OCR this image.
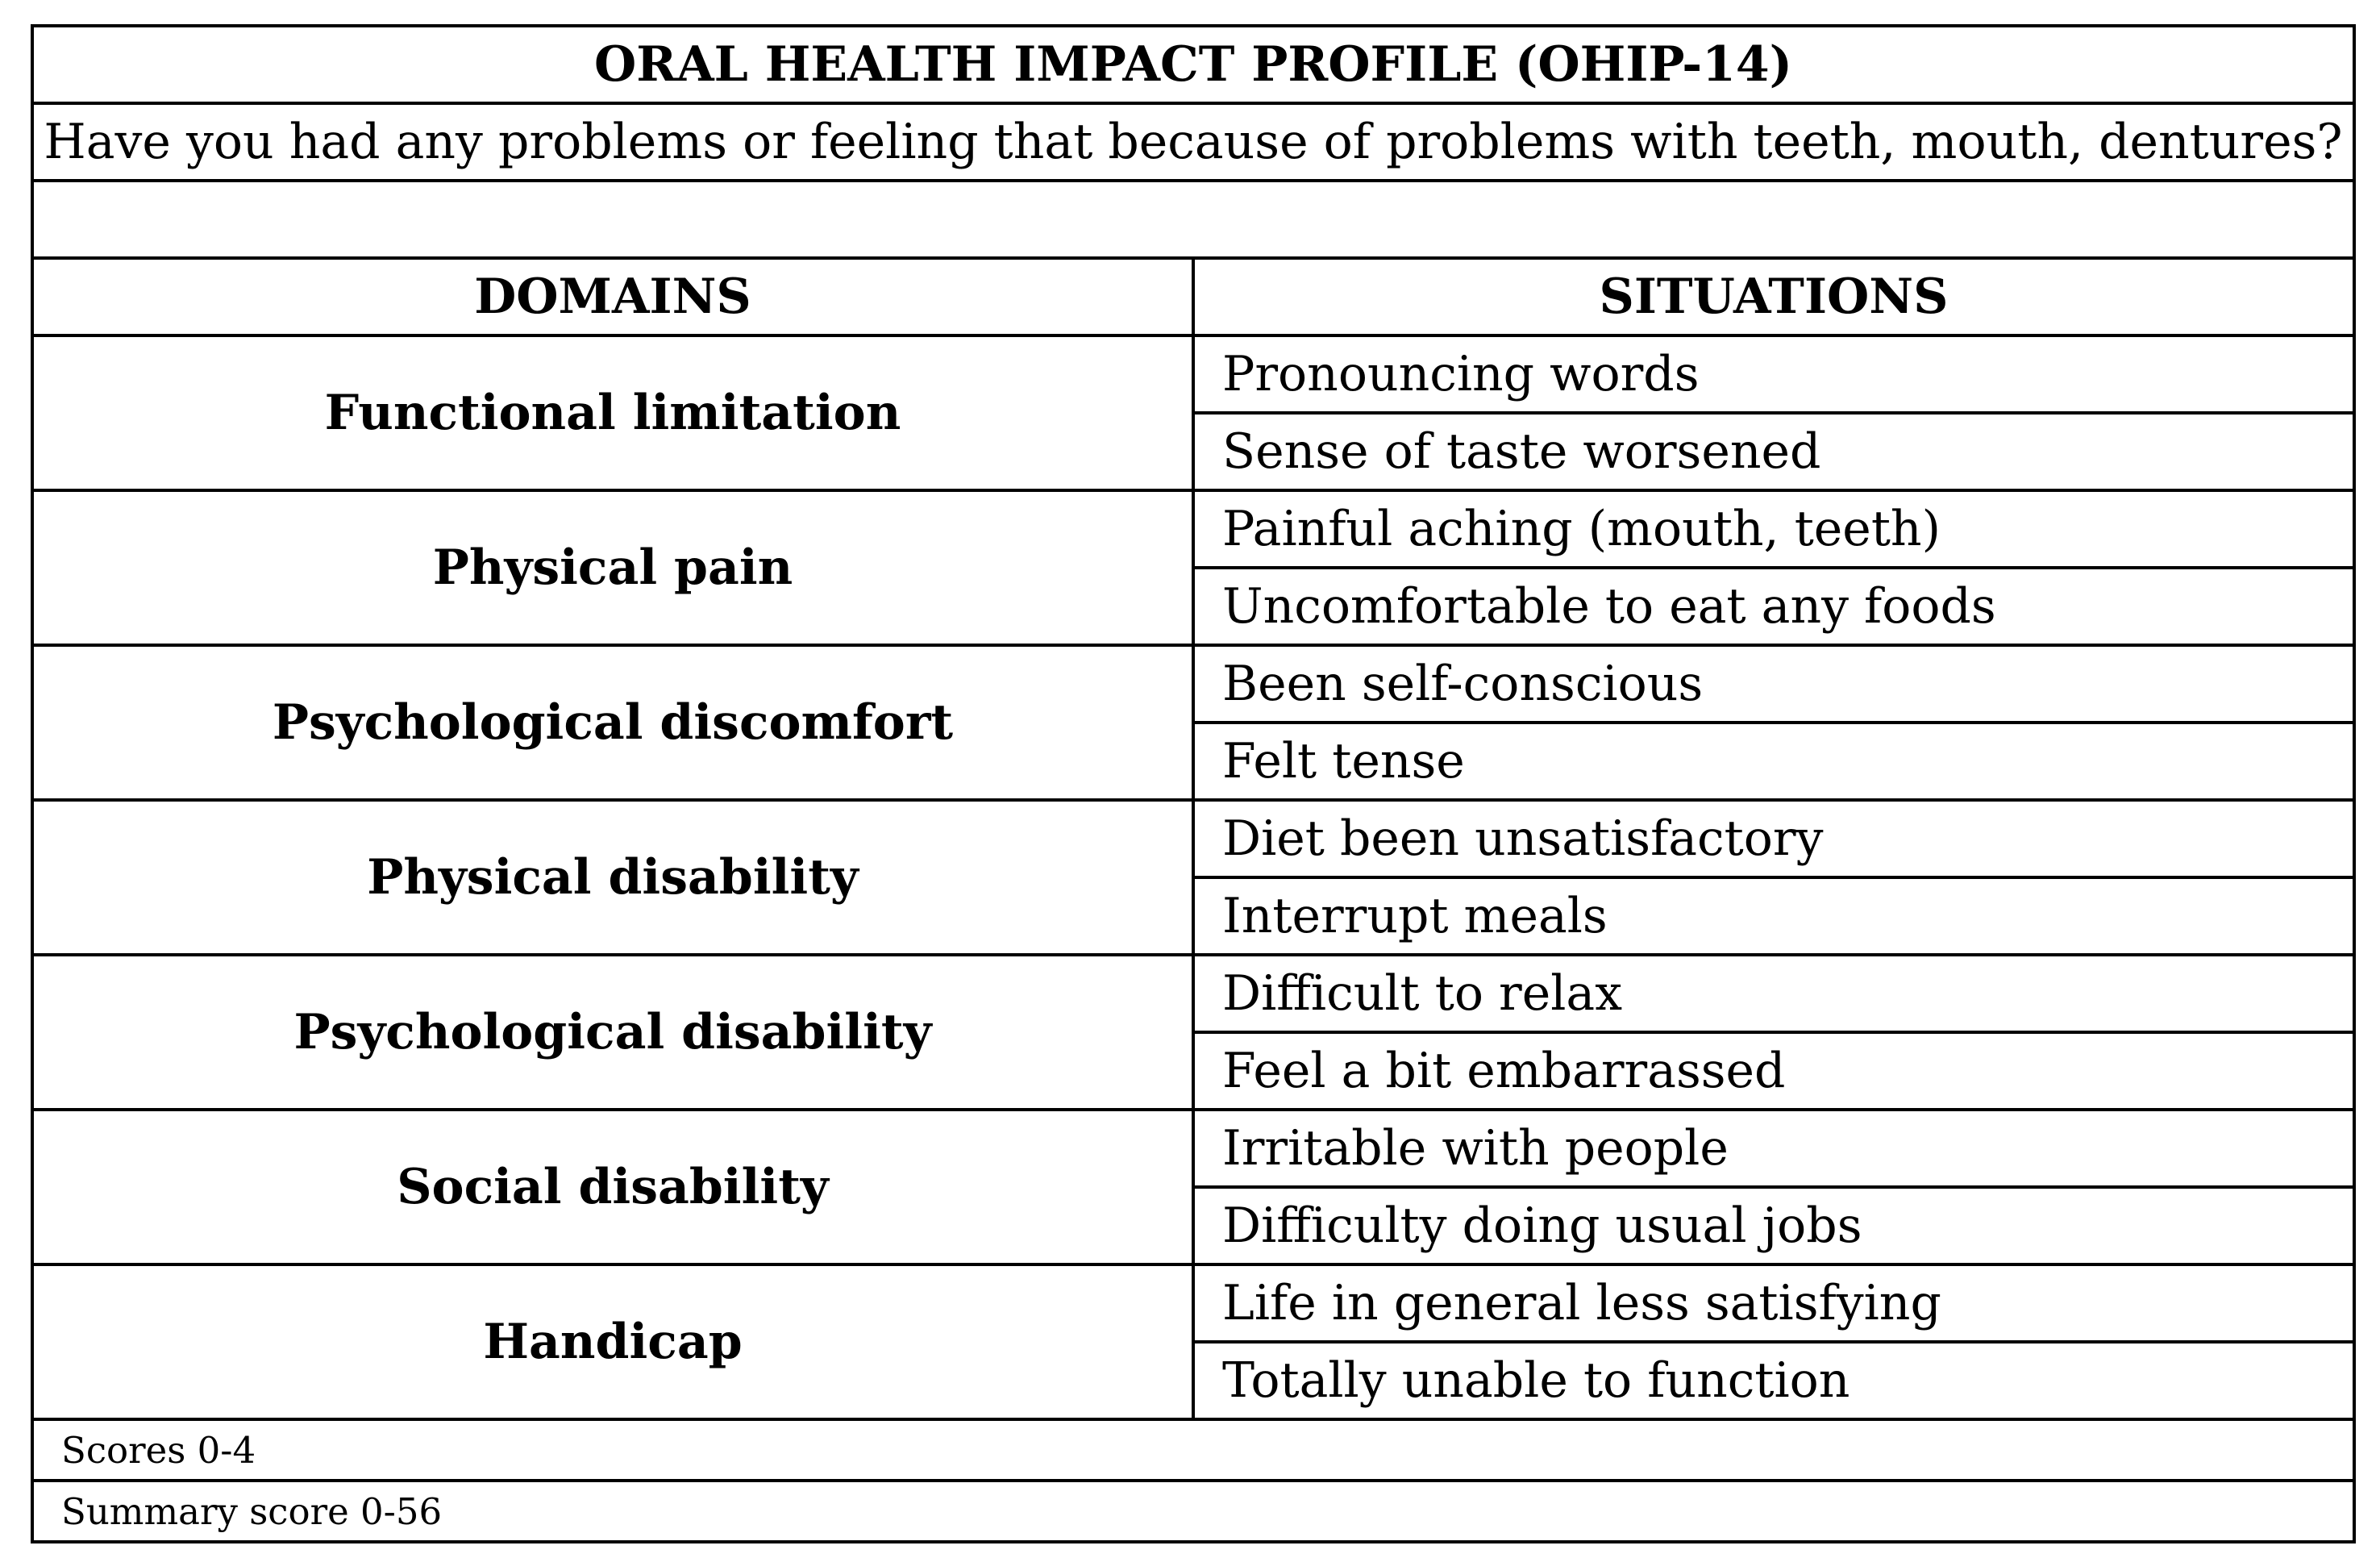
ORAL HEALTH IMPACT PROFILE (OHIP-14)	
Have you had any problems or feeling that because of problems with teeth, mouth, dentures?	

DOMAINS	SITUATIONS
Functional limitation	Pronouncing words
	Sense of taste worsened
Physical pain	Painful aching (mouth, teeth)
	Uncomfortable to eat any foods
Psychological discomfort	Been self-conscious
	Felt tense
Physical disability	Diet been unsatisfactory
	Interrupt meals
Psychological disability	Difficult to relax
	Feel a bit embarrassed
Social disability	Irritable with people
	Difficulty doing usual jobs
Handicap	Life in general less satisfying
	Totally unable to function
Scores 0-4	
Summary score 0-56	
